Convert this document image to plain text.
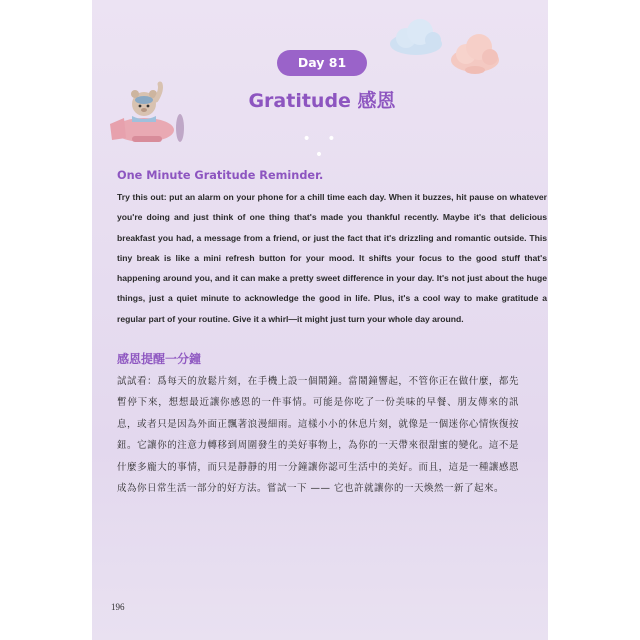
Day 81
Gratitude 感恩
• • •
One Minute Gratitude Reminder.
Try this out: put an alarm on your phone for a chill time each day. When it buzzes, hit pause on whatever you're doing and just think of one thing that's made you thankful recently. Maybe it's that delicious breakfast you had, a message from a friend, or just the fact that it's drizzling and romantic outside. This tiny break is like a mini refresh button for your mood. It shifts your focus to the good stuff that's happening around you, and it can make a pretty sweet difference in your day. It's not just about the huge things, just a quiet minute to acknowledge the good in life. Plus, it's a cool way to make gratitude a regular part of your routine. Give it a whirl—it might just turn your whole day around.
感恩提醒一分鐘
試試看：爲每天的放鬆片刻，在手機上設一個鬧鐘。當鬧鐘響起，不管你正在做什麼，都先暫停下來，想想最近讓你感恩的一件事情。可能是你吃了一份美味的早餐、朋友傳來的訊息，或者只是因為外面正飄著浪漫細雨。這樣小小的休息片刻，就像是一個迷你心情恢復按鈕。它讓你的注意力轉移到周圍發生的美好事物上，為你的一天帶來很甜蜜的變化。這不是什麼多龐大的事情，而只是靜靜的用一分鐘讓你認可生活中的美好。而且，這是一種讓感恩成為你日常生活一部分的好方法。嘗試一下 —— 它也許就讓你的一天煥然一新了起來。
196
